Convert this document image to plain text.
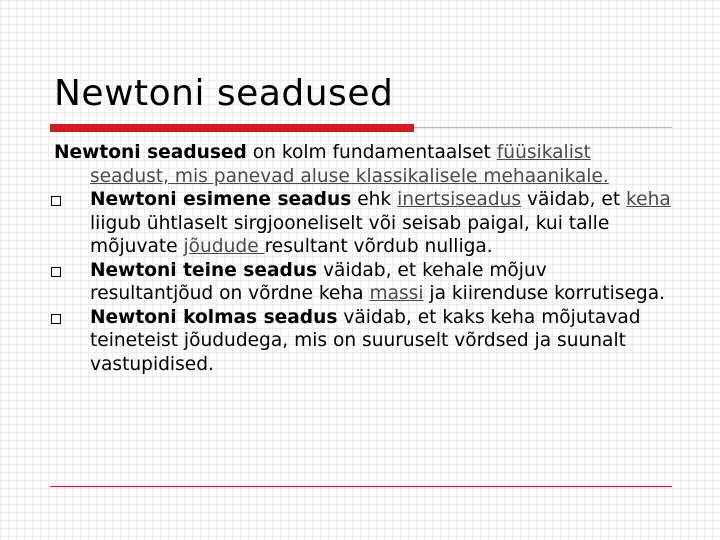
Newtoni seadused

Newtoni seadused on kolm fundamentaalset füüsikalist seadust, mis panevad aluse klassikalisele mehaanikale.

Newtoni esimene seadus ehk inertsiseadus väidab, et keha liigub ühtlaselt sirgjooneliselt või seisab paigal, kui talle mõjuvate jõudude resultant võrdub nulliga.

Newtoni teine seadus väidab, et kehale mõjuv resultantjõud on võrdne keha massi ja kiirenduse korrutisega.

Newtoni kolmas seadus väidab, et kaks keha mõjutavad teineteist jõududega, mis on suuruselt võrdsed ja suunalt vastupidised.
